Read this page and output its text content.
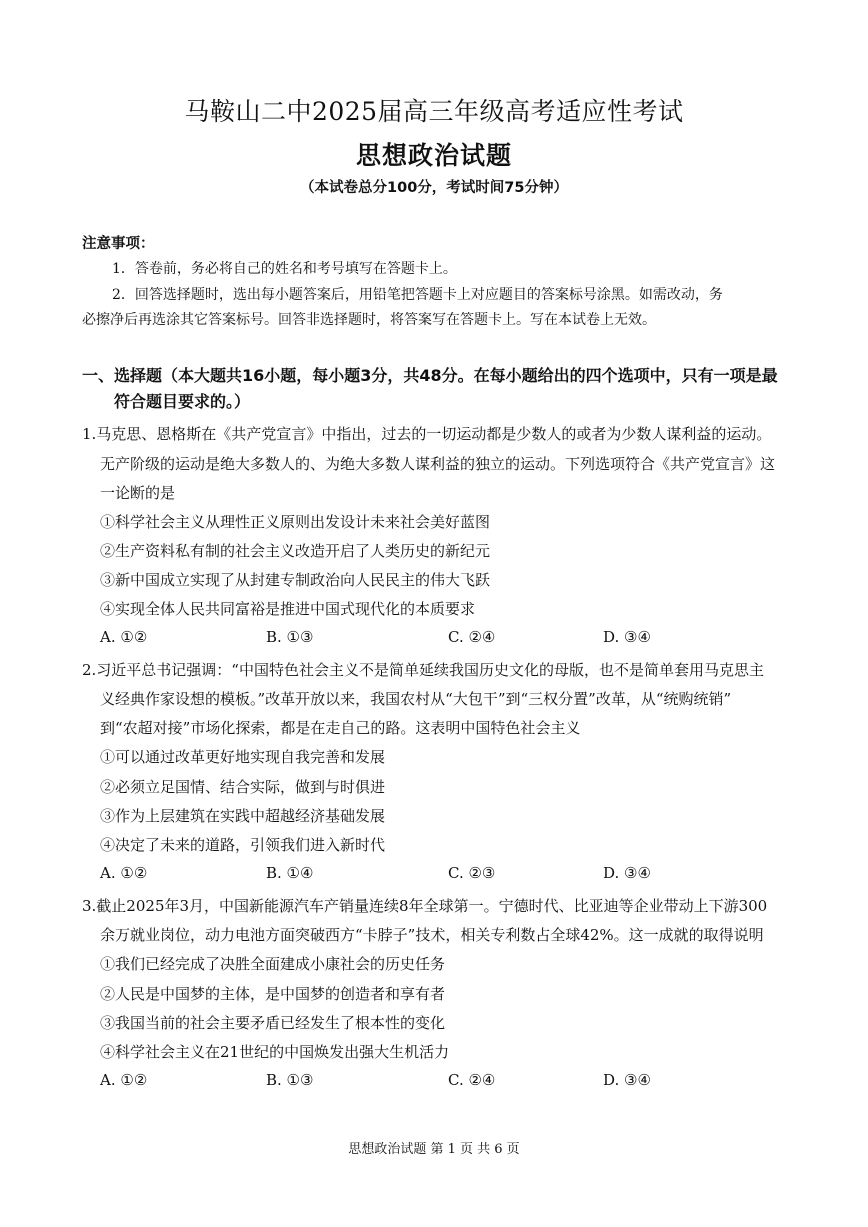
马鞍山二中2025届高三年级高考适应性考试
思想政治试题
（本试卷总分100分，考试时间75分钟）
注意事项：
1．答卷前，务必将自己的姓名和考号填写在答题卡上。
2．回答选择题时，选出每小题答案后，用铅笔把答题卡上对应题目的答案标号涂黑。如需改动，务
必擦净后再选涂其它答案标号。回答非选择题时，将答案写在答题卡上。写在本试卷上无效。
一、选择题（本大题共16小题，每小题3分，共48分。在每小题给出的四个选项中，只有一项是最
符合题目要求的。）
1.马克思、恩格斯在《共产党宣言》中指出，过去的一切运动都是少数人的或者为少数人谋利益的运动。
无产阶级的运动是绝大多数人的、为绝大多数人谋利益的独立的运动。下列选项符合《共产党宣言》这
一论断的是
①科学社会主义从理性正义原则出发设计未来社会美好蓝图
②生产资料私有制的社会主义改造开启了人类历史的新纪元
③新中国成立实现了从封建专制政治向人民民主的伟大飞跃
④实现全体人民共同富裕是推进中国式现代化的本质要求
A. ①②	B. ①③	C. ②④	D. ③④
2.习近平总书记强调：“中国特色社会主义不是简单延续我国历史文化的母版，也不是简单套用马克思主
义经典作家设想的模板。”改革开放以来，我国农村从“大包干”到“三权分置”改革，从“统购统销”
到“农超对接”市场化探索，都是在走自己的路。这表明中国特色社会主义
①可以通过改革更好地实现自我完善和发展
②必须立足国情、结合实际，做到与时俱进
③作为上层建筑在实践中超越经济基础发展
④决定了未来的道路，引领我们进入新时代
A. ①②	B. ①④	C. ②③	D. ③④
3.截止2025年3月，中国新能源汽车产销量连续8年全球第一。宁德时代、比亚迪等企业带动上下游300
余万就业岗位，动力电池方面突破西方“卡脖子”技术，相关专利数占全球42%。这一成就的取得说明
①我们已经完成了决胜全面建成小康社会的历史任务
②人民是中国梦的主体，是中国梦的创造者和享有者
③我国当前的社会主要矛盾已经发生了根本性的变化
④科学社会主义在21世纪的中国焕发出强大生机活力
A. ①②	B. ①③	C. ②④	D. ③④
思想政治试题 第 1 页 共 6 页
